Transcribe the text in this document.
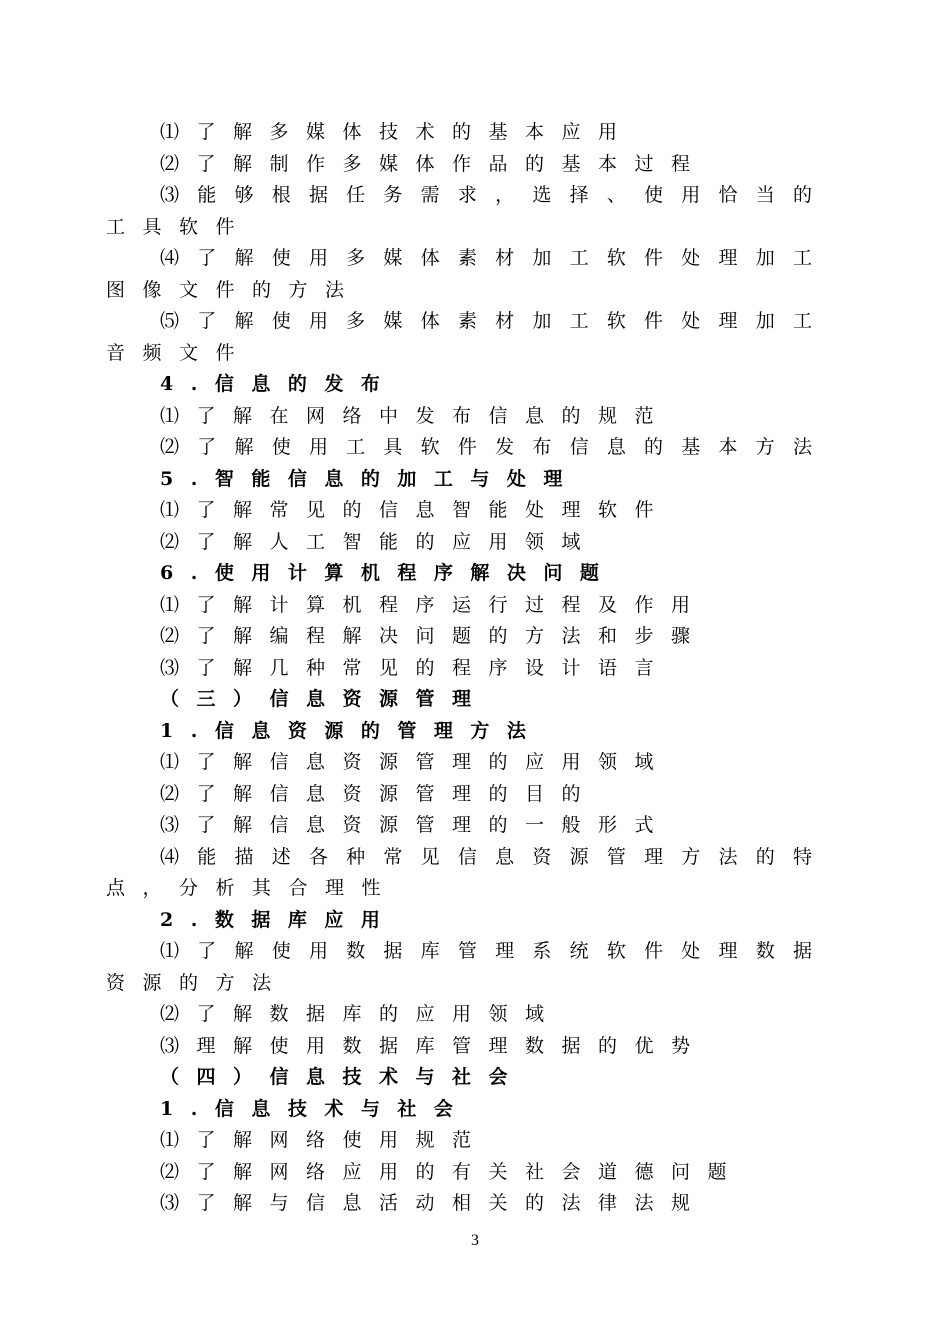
⑴了解多媒体技术的基本应用
⑵了解制作多媒体作品的基本过程
⑶ 能 够 根 据 任 务 需 求 ， 选 择 、 使 用 恰 当 的
工具软件
⑷ 了 解 使 用 多 媒 体 素 材 加 工 软 件 处 理 加 工
图像文件的方法
⑸ 了 解 使 用 多 媒 体 素 材 加 工 软 件 处 理 加 工
音频文件
4.信息的发布
⑴了解在网络中发布信息的规范
⑵ 了 解 使 用 工 具 软 件 发 布 信 息 的 基 本 方 法
5.智能信息的加工与处理
⑴了解常见的信息智能处理软件
⑵了解人工智能的应用领域
6.使用计算机程序解决问题
⑴了解计算机程序运行过程及作用
⑵了解编程解决问题的方法和步骤
⑶了解几种常见的程序设计语言
（三）信息资源管理
1.信息资源的管理方法
⑴了解信息资源管理的应用领域
⑵了解信息资源管理的目的
⑶了解信息资源管理的一般形式
⑷ 能 描 述 各 种 常 见 信 息 资 源 管 理 方 法 的 特
点，分析其合理性
2.数据库应用
⑴ 了 解 使 用 数 据 库 管 理 系 统 软 件 处 理 数 据
资源的方法
⑵了解数据库的应用领域
⑶理解使用数据库管理数据的优势
（四）信息技术与社会
1.信息技术与社会
⑴了解网络使用规范
⑵了解网络应用的有关社会道德问题
⑶了解与信息活动相关的法律法规
3
